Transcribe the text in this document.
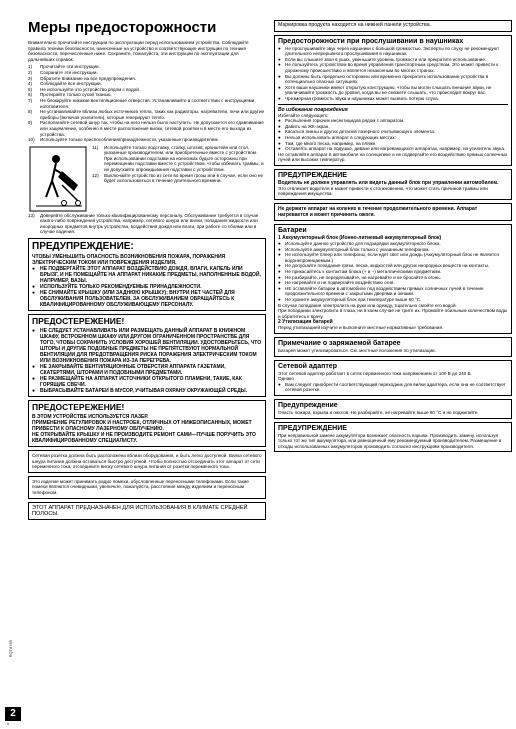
Меры предосторожности
Внимательно прочитайте инструкции по эксплуатации перед использованием устройства. Соблюдайте правила техники безопасности, нанесенные на устройство и соответствующие инструкции по технике безопасности, перечисленные ниже. Сохраните, пожалуйста, эти инструкции по эксплуатации для дальнейших справок.
1)	Прочитайте эти инструкции.
2)	Сохраните эти инструкции.
3)	Обратите внимание на все предупреждения.
4)	Соблюдайте все инструкции.
5)	Не используйте это устройство рядом с водой.
6)	Протирайте только сухой тканью.
7)	Не блокируйте никакие вентиляционные отверстия. Устанавливайте в соответствии с инструкциями изготовителя.
8)	Не устанавливайте вблизи любых источников тепла, таких как радиаторы, нагреватели, печи или другие приборы (включая усилители), которые генерируют тепло.
9)	Располагайте сетевой шнур так, чтобы на него нельзя было наступить. Не допускается его сдавливание или защемление, особенно в месте расположения вилки, сетевой розетки и в месте его выхода из устройства.
10)	Используйте только приспособления/принадлежности, указанные производителем.
11)	Используйте только подставку, стойку, штатив, кронштейн или стол, указанные производителем, или приобретенные вместе с устройством. При использовании подставки на колесиках будьте осторожны при перемещении подставки вместе с устройством, чтобы избежать травмы, и не допускайте опрокидывания подставки с устройством.
12)	Выключайте устройство из сети во время грозы или в случае, если оно не будет использоваться в течение длительного времени.
13)	Доверяйте обслуживание только квалифицированному персоналу. Обслуживание требуется в случае какого-либо повреждения устройства, например, сетевого шнура или вилки, попадания жидкости или инородных предметов внутрь устройства, воздействия дождя или влаги, при работе со сбоями или в случае падения.
ПРЕДУПРЕЖДЕНИЕ:
ЧТОБЫ УМЕНЬШИТЬ ОПАСНОСТЬ ВОЗНИКНОВЕНИЯ ПОЖАРА, ПОРАЖЕНИЯ ЭЛЕКТРИЧЕСКИМ ТОКОМ ИЛИ ПОВРЕЖДЕНИЯ ИЗДЕЛИЯ,
● НЕ ПОДВЕРГАЙТЕ ЭТОТ АППАРАТ ВОЗДЕЙСТВИЮ ДОЖДЯ, ВЛАГИ, КАПЕЛЬ ИЛИ БРЫЗГ, И НЕ ПОМЕЩАЙТЕ НА АППАРАТ НИКАКИЕ ПРЕДМЕТЫ, НАПОЛНЕННЫЕ ВОДОЙ, НАПРИМЕР, ВАЗЫ.
● ИСПОЛЬЗУЙТЕ ТОЛЬКО РЕКОМЕНДУЕМЫЕ ПРИНАДЛЕЖНОСТИ.
● НЕ СНИМАЙТЕ КРЫШКУ (ИЛИ ЗАДНЮЮ КРЫШКУ); ВНУТРИ НЕТ ЧАСТЕЙ ДЛЯ ОБСЛУЖИВАНИЯ ПОЛЬЗОВАТЕЛЕМ. ЗА ОБСЛУЖИВАНИЕМ ОБРАЩАЙТЕСЬ К КВАЛИФИЦИРОВАННОМУ ОБСЛУЖИВАЮЩЕМУ ПЕРСОНАЛУ.
ПРЕДОСТЕРЕЖЕНИЕ!
● НЕ СЛЕДУЕТ УСТАНАВЛИВАТЬ ИЛИ РАЗМЕЩАТЬ ДАННЫЙ АППАРАТ В КНИЖНОМ ШКАФУ, ВСТРОЕННОМ ШКАФУ ИЛИ ДРУГОМ ОГРАНИЧЕННОМ ПРОСТРАНСТВЕ ДЛЯ ТОГО, ЧТОБЫ СОХРАНИТЬ УСЛОВИЯ ХОРОШЕЙ ВЕНТИЛЯЦИИ. УДОСТОВЕРЬТЕСЬ, ЧТО ШТОРЫ И ДРУГИЕ ПОДОБНЫЕ ПРЕДМЕТЫ НЕ ПРЕПЯТСТВУЮТ НОРМАЛЬНОЙ ВЕНТИЛЯЦИИ ДЛЯ ПРЕДОТВРАЩЕНИЯ РИСКА ПОРАЖЕНИЯ ЭЛЕКТРИЧЕСКИМ ТОКОМ ИЛИ ВОЗНИКНОВЕНИЯ ПОЖАРА ИЗ-ЗА ПЕРЕГРЕВА.
● НЕ ЗАКРЫВАЙТЕ ВЕНТИЛЯЦИОННЫЕ ОТВЕРСТИЯ АППАРАТА ГАЗЕТАМИ, СКАТЕРТЯМИ, ШТОРАМИ И ПОДОБНЫМИ ПРЕДМЕТАМИ.
● НЕ РАЗМЕЩАЙТЕ НА АППАРАТ ИСТОЧНИКИ ОТКРЫТОГО ПЛАМЕНИ, ТАКИЕ, КАК ГОРЯЩИЕ СВЕЧИ.
● ВЫБРАСЫВАЙТЕ БАТАРЕИ В МУСОР, УЧИТЫВАЯ ОХРАНУ ОКРУЖАЮЩЕЙ СРЕДЫ.
ПРЕДОСТЕРЕЖЕНИЕ!
В ЭТОМ УСТРОЙСТВЕ ИСПОЛЬЗУЕТСЯ ЛАЗЕР.
ПРИМЕНЕНИЕ РЕГУЛИРОВОК И НАСТРОЕК, ОТЛИЧНЫХ ОТ НИЖЕОПИСАННЫХ, МОЖЕТ ПРИВЕСТИ К ОПАСНОМУ ЛАЗЕРНОМУ ОБЛУЧЕНИЮ.
НЕ ОТКРЫВАЙТЕ КРЫШКУ И НЕ ПРОИЗВОДИТЕ РЕМОНТ САМИ—ПУЧШЕ ПОРУЧИТЬ ЭТО КВАЛИФИЦИРОВАННОМУ СПЕЦИАЛИСТУ.
Сетевая розетка должна быть расположена вблизи оборудования, и быть легко доступной. Вилка сетевого шнура питания должна оставаться быстро доступной. Чтобы полностью отсоединить этот аппарат от сети переменного тока, отсоедините вилку сетевого шнура питания от розетки переменного тока.
Это изделие может принимать радио помехи, обусловленные переносными телефонами. Если такие помехи являются очевидными, увеличьте, пожалуйста, расстояние между изделием и переносным телефоном.
ЭТОТ АППАРАТ ПРЕДНАЗНАЧЕН ДЛЯ ИСПОЛЬЗОВАНИЯ В КЛИМАТЕ СРЕДНЕЙ ПОЛОСЫ.
Маркировка продукта находится на нижней панели устройства.
Предосторожности при прослушивании в наушниках
● Не прослушивайте звук через наушники с большой громкостью. Эксперты по слуху не рекомендуют длительного непрерывного прослушивания в наушниках.
● Если вы слышите звон в ушах, уменьшите уровень громкости или прекратите использование.
● Не пользуйтесь устройством во время управления транспортным средством. Это может привести к дорожному происшествию и является незаконным во многих странах.
● Вы должны быть предельно осторожны или временно прекратить использование устройства в потенциально опасных ситуациях.
● Хотя ваши наушники имеют открытую конструкцию, чтобы вы могли слышать внешние звуки, не увеличивайте громкость до уровня, когда вы не сможете слышать, что происходит вокруг вас.
● Чрезмерная громкость звука и наушниках может вызвать потерю слуха.
Во избежание повреждения
Избегайте следующего:
● Распыления горючих инсектицидов рядом с аппаратом.
● Давить на ЖК-экран.
● Касаться линзы и других деталей лазерного считывающего элемента.
● Нельзя использовать аппарат в следующих местах:
● Там, где много песка, например, на пляже.
● Оставлять аппарат на подушке, диване или нагревающихся аппаратах, например, на усилитель звука.
Не оставляйте аппарат в автомобиле на солнцепеке и не подвергайте его воздействию прямых солнечных лучей или высоких температур.
ПРЕДУПРЕЖДЕНИЕ
Водитель не должен управлять или видеть данный блок при управлении автомобилем.
Это отвлекает водителя и может привести к столкновению, что может стать причиной травмы или повреждения имущества.
Не держите аппарат на коленях в течение продолжительного времени. Аппарат нагревается и может причинить ожоги.
Батареи
1 Аккумуляторный блок (Ионно-литиевый аккумуляторный блок)
● Используйте данное устройство для подзарядки аккумуляторного блока.
● Используйте аккумуляторный блок только с указанным телефоном.
● Не используйте плеер или телефоны, если едет свет или дождь (Аккумуляторный блок не является водонепроницаемым.)
● Не допускайте попадания грязи, песка, жидкостей или других инородных веществ на контакты.
● Не прикасайтесь к контактам блока (+ и −) металлическими предметами.
● Не разбирайте, не переделывайте, не нагревайте и не бросайте в огонь.
● Не нагревайте и не подвергайте воздействию огня.
● НЕ оставляйте батареи в автомобиле под воздействием прямых солнечных лучей в течение продолжительного времени с закрытыми дверями и окнами.
● Не храните аккумуляторный блок при температуре выше 60 °C.
В случае попадания электролита на руки или одежду, тщательно смойте его водой.
При попадании электролита в глаза, ни в коем случае не трите их. Промойте обильным количеством воды и обратитесь к врачу.
2 Утилизация батарей
Перед утилизацией изучите и выполните местные нормативные требования.
Примечание о заряжаемой батарее
Батарея может утилизироваться. См. местные положения по утилизации.
Сетевой адаптер
Этот сетевой адаптер работает в сетях переменного тока напряжением от 100 В до 240 В.
Однако
● Вам следует приобрести соответствующий переходник для вилки адаптера, если она не соответствует сетевой розетке.
Предупреждение
Опасть пожара, взрыва и ожогов. Не разбирайте, не нагревайте выше 60 °C и не поджигайте.
ПРЕДУПРЕЖДЕНИЕ
При неправильной замене аккумулятора возникает опасность взрыва. Производить замену, используя только тот же тип аккумулятора, или равноценный ему рекомендуемый производителем. Размещение в отходы использованных аккумуляторов производить согласно инструкциям производителя.
RQT8789
2
6
